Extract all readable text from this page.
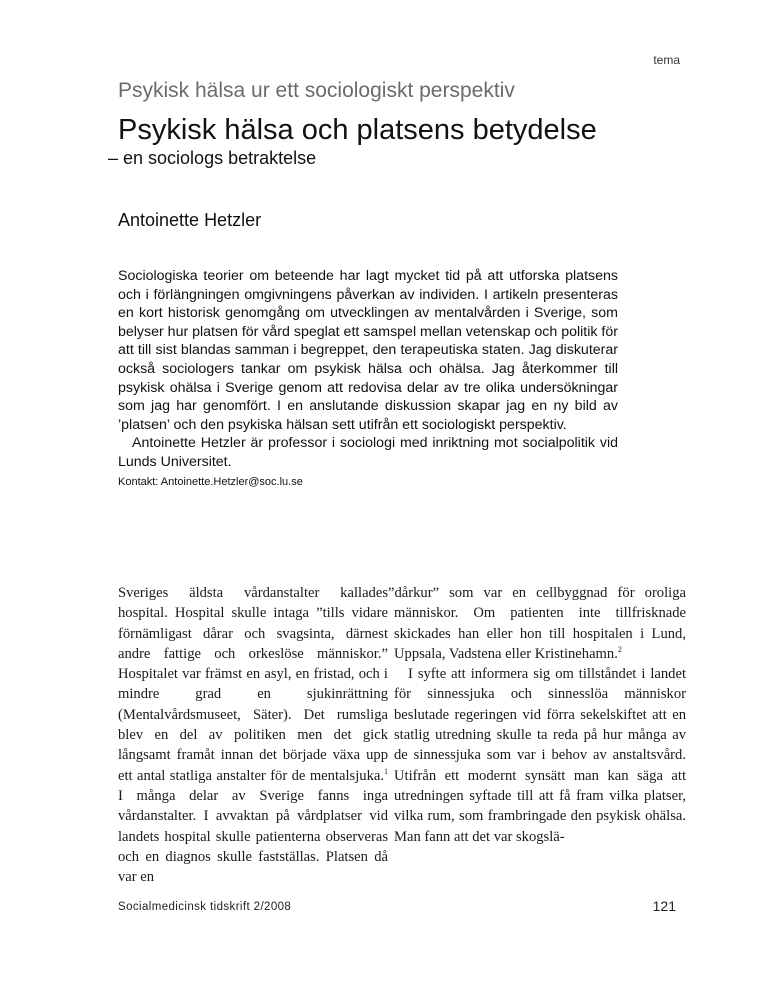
tema
Psykisk hälsa ur ett sociologiskt perspektiv
Psykisk hälsa och platsens betydelse
– en sociologs betraktelse
Antoinette Hetzler

Sociologiska teorier om beteende har lagt mycket tid på att utforska platsens och i förlängningen omgivningens påverkan av individen. I artikeln presenteras en kort historisk genomgång om utvecklingen av mentalvården i Sverige, som belyser hur platsen för vård speglat ett samspel mellan vetenskap och politik för att till sist blandas samman i begreppet, den terapeutiska staten. Jag diskuterar också sociologers tankar om psykisk hälsa och ohälsa. Jag återkommer till psykisk ohälsa i Sverige genom att redovisa delar av tre olika undersökningar som jag har genomfört. I en anslutande diskussion skapar jag en ny bild av ’platsen’ och den psykiska hälsan sett utifrån ett sociologiskt perspektiv.

Antoinette Hetzler är professor i sociologi med inriktning mot socialpolitik vid Lunds Universitet.

Kontakt: Antoinette.Hetzler@soc.lu.se

Sveriges äldsta vårdanstalter kallades hospital. Hospital skulle intaga ”tills vidare förnämligast dårar och svagsinta, därnest andre fattige och orkeslöse människor.” Hospitalet var främst en asyl, en fristad, och i mindre grad en sjukinrättning (Mentalvårdsmuseet, Säter). Det rumsliga blev en del av politiken men det gick långsamt framåt innan det började växa upp ett antal statliga anstalter för de mentalsjuka.$^1$ I många delar av Sverige fanns inga vårdanstalter. I avvaktan på vårdplatser vid landets hospital skulle patienterna observeras och en diagnos skulle fastställas. Platsen då var en

”dårkur” som var en cellbyggnad för oroliga människor. Om patienten inte tillfrisknade skickades han eller hon till hospitalen i Lund, Uppsala, Vadstena eller Kristinehamn.$^2$

I syfte att informera sig om tillståndet i landet för sinnessjuka och sinnesslöa människor beslutade regeringen vid förra sekelskiftet att en statlig utredning skulle ta reda på hur många av de sinnessjuka som var i behov av anstaltsvård. Utifrån ett modernt synsätt man kan säga att utredningen syftade till att få fram vilka platser, vilka rum, som frambringade den psykisk ohälsa. Man fann att det var skogslä-

Socialmedicinsk tidskrift 2/2008	121
